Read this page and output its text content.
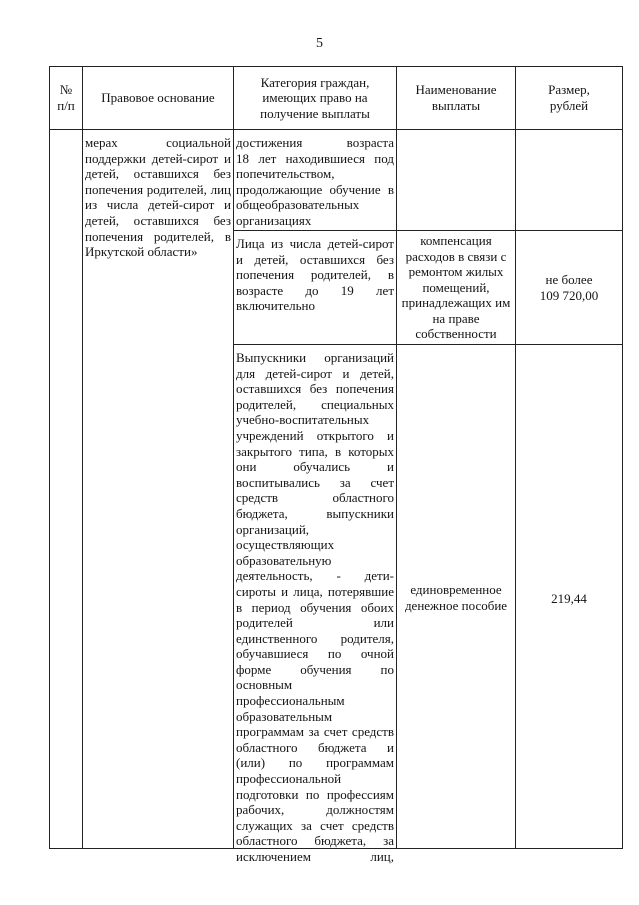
5
№
п/п
Правовое основание
Категория граждан,
имеющих право на
получение выплаты
Наименование
выплаты
Размер,
рублей
мерах социальной
поддержки детей-сирот и
детей, оставшихся без
попечения родителей, лиц
из числа детей-сирот и
детей, оставшихся без
попечения родителей, в
Иркутской области»
достижения возраста
18 лет находившиеся под
попечительством,
продолжающие обучение в
общеобразовательных
организациях
Лица из числа детей-сирот
и детей, оставшихся без
попечения родителей, в
возрасте до 19 лет
включительно
компенсация
расходов в связи с
ремонтом жилых
помещений,
принадлежащих им
на праве
собственности
не более
109 720,00
Выпускники организаций
для детей-сирот и детей,
оставшихся без попечения
родителей, специальных
учебно-воспитательных
учреждений открытого и
закрытого типа, в которых
они обучались и
воспитывались за счет
средств областного
бюджета, выпускники
организаций,
осуществляющих
образовательную
деятельность, - дети-
сироты и лица, потерявшие
в период обучения обоих
родителей или
единственного родителя,
обучавшиеся по очной
форме обучения по
основным
профессиональным
образовательным
программам за счет средств
областного бюджета и
(или) по программам
профессиональной
подготовки по профессиям
рабочих, должностям
служащих за счет средств
областного бюджета, за
исключением лиц,
единовременное
денежное пособие	219,44
